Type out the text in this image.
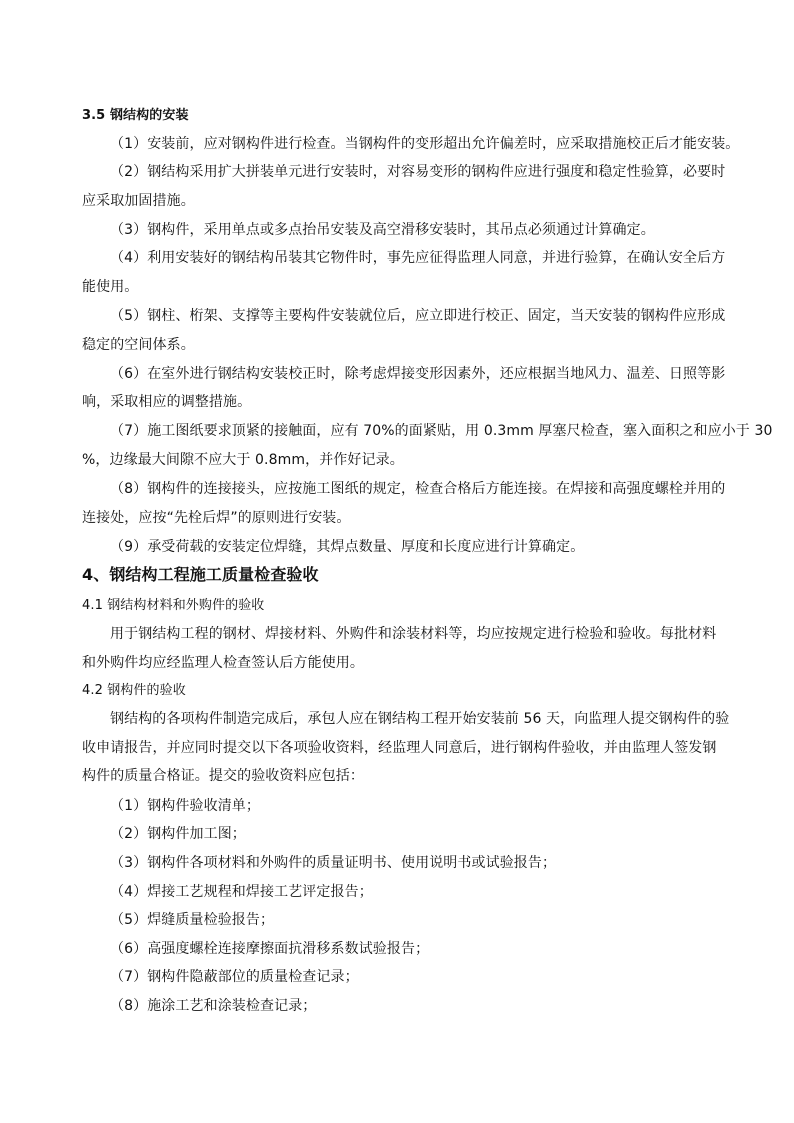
3.5 钢结构的安装
（1）安装前，应对钢构件进行检查。当钢构件的变形超出允许偏差时，应采取措施校正后才能安装。
（2）钢结构采用扩大拼装单元进行安装时，对容易变形的钢构件应进行强度和稳定性验算，必要时
应采取加固措施。
（3）钢构件，采用单点或多点抬吊安装及高空滑移安装时，其吊点必须通过计算确定。
（4）利用安装好的钢结构吊装其它物件时，事先应征得监理人同意，并进行验算，在确认安全后方
能使用。
（5）钢柱、桁架、支撑等主要构件安装就位后，应立即进行校正、固定，当天安装的钢构件应形成
稳定的空间体系。
（6）在室外进行钢结构安装校正时，除考虑焊接变形因素外，还应根据当地风力、温差、日照等影
响，采取相应的调整措施。
（7）施工图纸要求顶紧的接触面，应有 70%的面紧贴，用 0.3mm 厚塞尺检查，塞入面积之和应小于 30
%，边缘最大间隙不应大于 0.8mm，并作好记录。
（8）钢构件的连接接头，应按施工图纸的规定，检查合格后方能连接。在焊接和高强度螺栓并用的
连接处，应按“先栓后焊”的原则进行安装。
（9）承受荷载的安装定位焊缝，其焊点数量、厚度和长度应进行计算确定。
4、钢结构工程施工质量检查验收
4.1 钢结构材料和外购件的验收
用于钢结构工程的钢材、焊接材料、外购件和涂装材料等，均应按规定进行检验和验收。每批材料
和外购件均应经监理人检查签认后方能使用。
4.2 钢构件的验收
钢结构的各项构件制造完成后，承包人应在钢结构工程开始安装前 56 天，向监理人提交钢构件的验
收申请报告，并应同时提交以下各项验收资料，经监理人同意后，进行钢构件验收，并由监理人签发钢
构件的质量合格证。提交的验收资料应包括：
（1）钢构件验收清单；
（2）钢构件加工图；
（3）钢构件各项材料和外购件的质量证明书、使用说明书或试验报告；
（4）焊接工艺规程和焊接工艺评定报告；
（5）焊缝质量检验报告；
（6）高强度螺栓连接摩擦面抗滑移系数试验报告；
（7）钢构件隐蔽部位的质量检查记录；
（8）施涂工艺和涂装检查记录；
